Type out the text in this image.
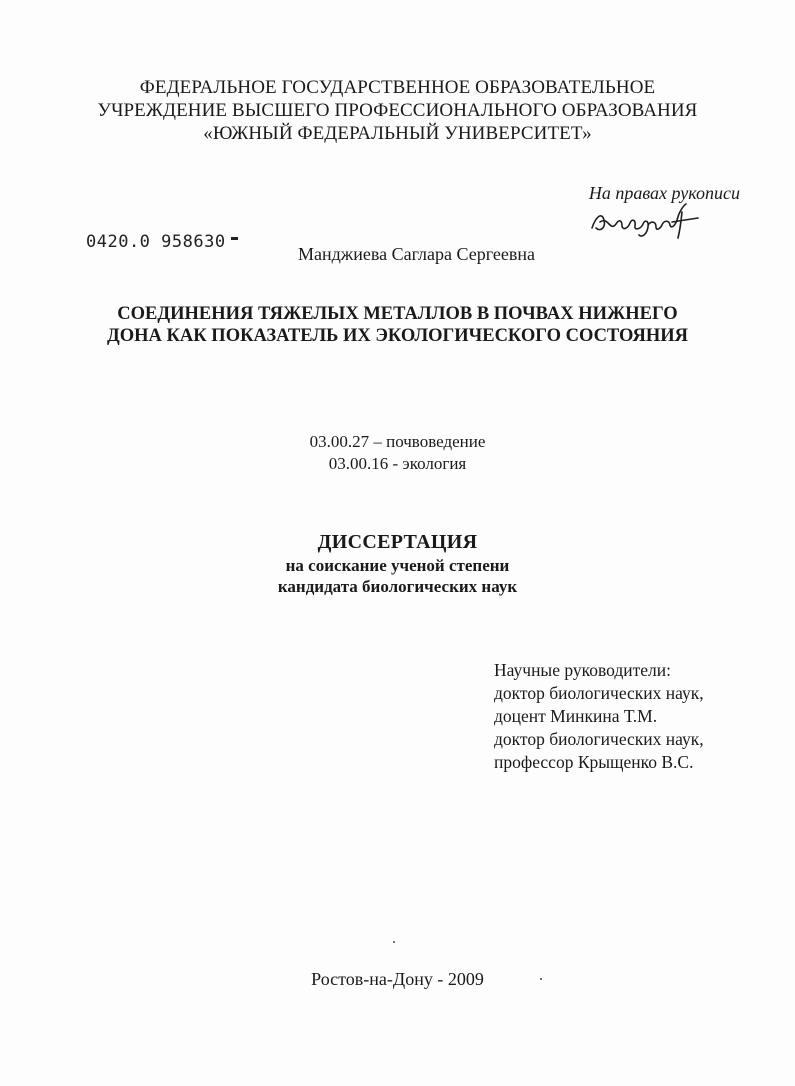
ФЕДЕРАЛЬНОЕ ГОСУДАРСТВЕННОЕ ОБРАЗОВАТЕЛЬНОЕ
УЧРЕЖДЕНИЕ ВЫСШЕГО ПРОФЕССИОНАЛЬНОГО ОБРАЗОВАНИЯ
«ЮЖНЫЙ ФЕДЕРАЛЬНЫЙ УНИВЕРСИТЕТ»
На правах рукописи
0420.0 958630
Манджиева Саглара Сергеевна
СОЕДИНЕНИЯ ТЯЖЕЛЫХ МЕТАЛЛОВ В ПОЧВАХ НИЖНЕГО
ДОНА КАК ПОКАЗАТЕЛЬ ИХ ЭКОЛОГИЧЕСКОГО СОСТОЯНИЯ
03.00.27 – почвоведение
03.00.16 - экология
ДИССЕРТАЦИЯ
на соискание ученой степени
кандидата биологических наук
Научные руководители:
доктор биологических наук,
доцент Минкина Т.М.
доктор биологических наук,
профессор Крыщенко В.С.
Ростов-на-Дону - 2009
